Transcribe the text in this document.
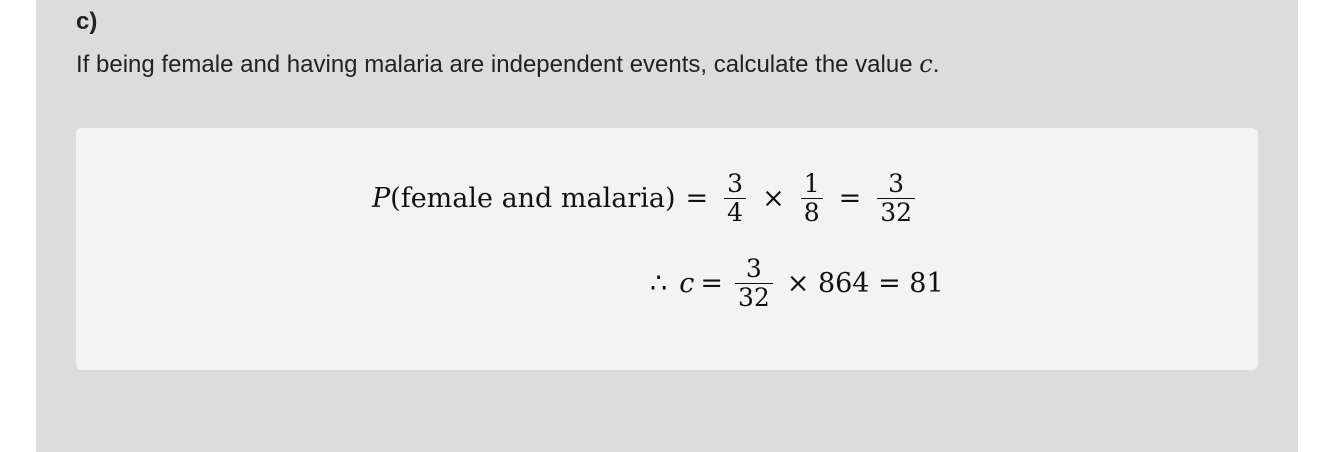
c)
If being female and having malaria are independent events, calculate the value c.
P (female and malaria) = $\frac{3}{4} \times \frac{1}{8} = \frac{3}{32}$
∴ $c = \frac{3}{32} \times 864 = 81$
